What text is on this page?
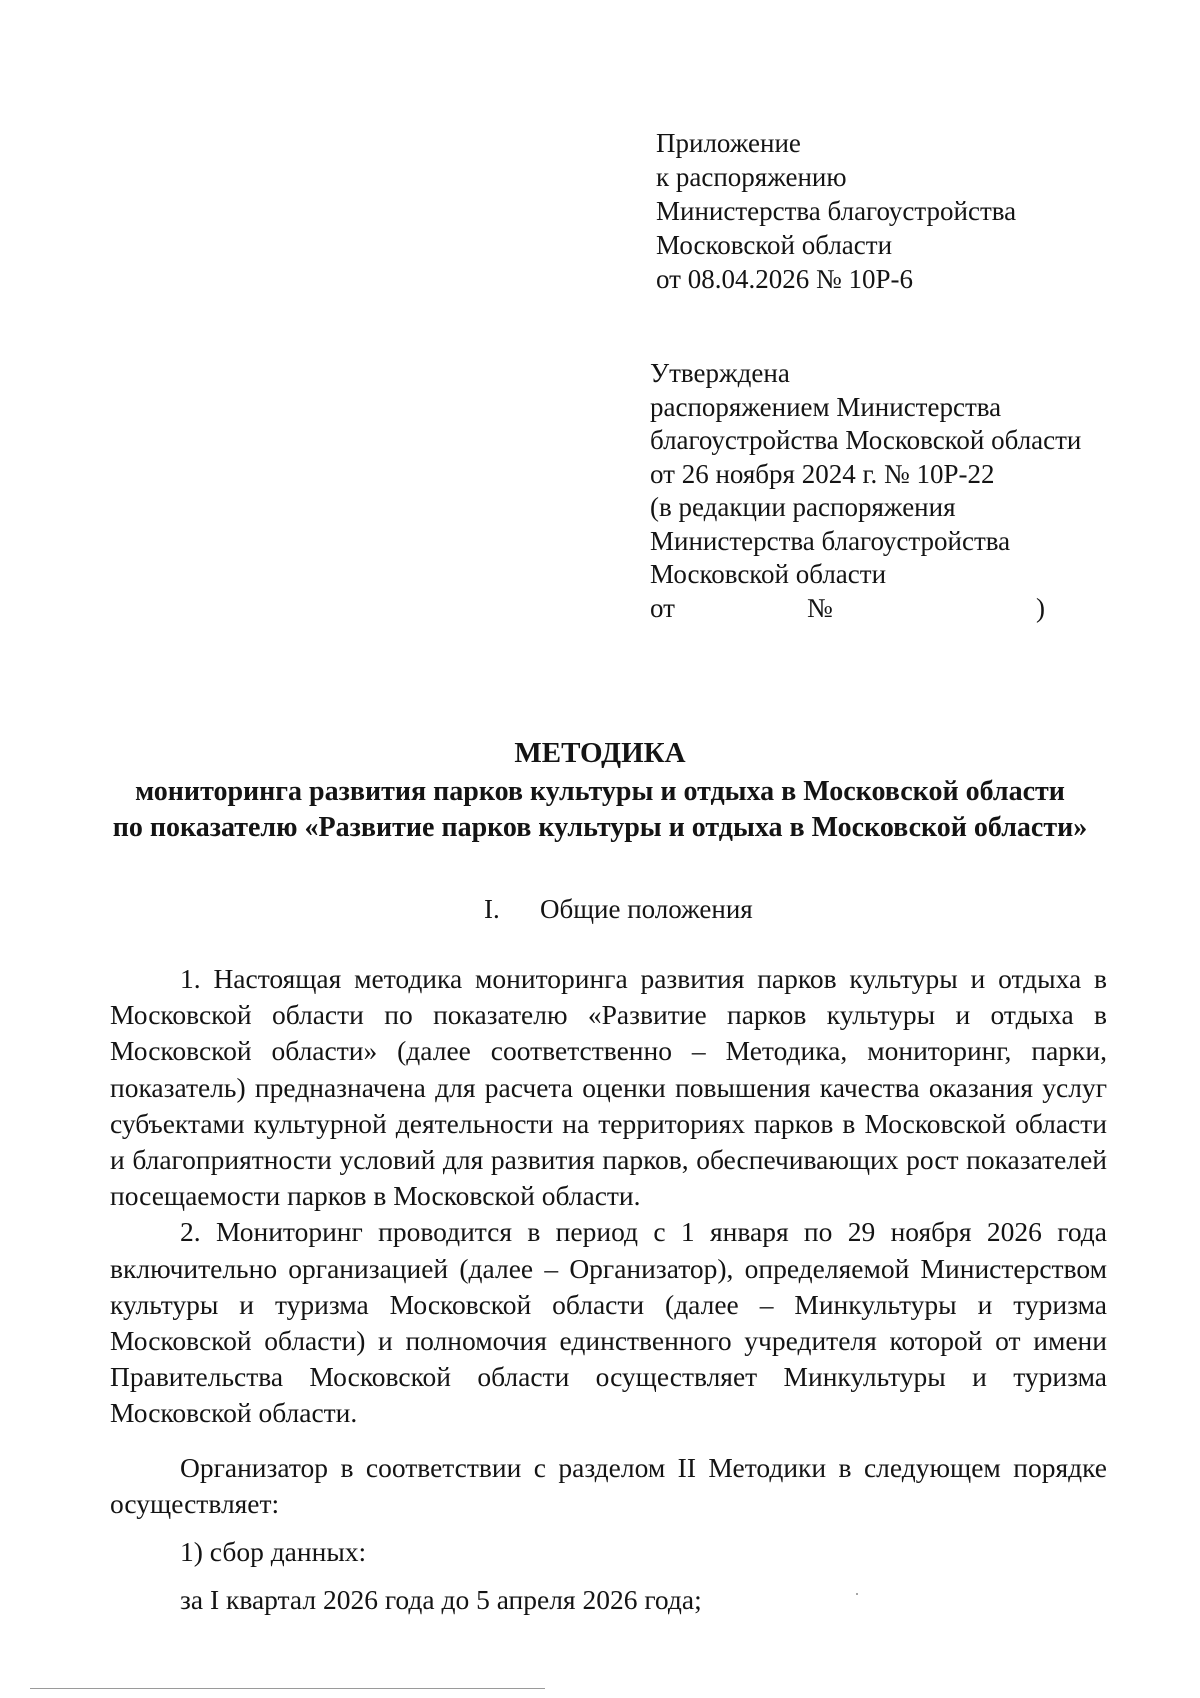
Приложение
к распоряжению
Министерства благоустройства
Московской области
от 08.04.2026 № 10Р-6
Утверждена
распоряжением Министерства
благоустройства Московской области
от 26 ноября 2024 г. № 10Р-22
(в редакции распоряжения
Министерства благоустройства
Московской области
от	№	)
МЕТОДИКА
мониторинга развития парков культуры и отдыха в Московской области
по показателю «Развитие парков культуры и отдыха в Московской области»
I. Общие положения

1. Настоящая методика мониторинга развития парков культуры и отдыха в Московской области по показателю «Развитие парков культуры и отдыха в Московской области» (далее соответственно – Методика, мониторинг, парки, показатель) предназначена для расчета оценки повышения качества оказания услуг субъектами культурной деятельности на территориях парков в Московской области и благоприятности условий для развития парков, обеспечивающих рост показателей посещаемости парков в Московской области.

2. Мониторинг проводится в период с 1 января по 29 ноября 2026 года включительно организацией (далее – Организатор), определяемой Министерством культуры и туризма Московской области (далее – Минкультуры и туризма Московской области) и полномочия единственного учредителя которой от имени Правительства Московской области осуществляет Минкультуры и туризма Московской области.

Организатор в соответствии с разделом II Методики в следующем порядке осуществляет:

1) сбор данных:

за I квартал 2026 года до 5 апреля 2026 года;
